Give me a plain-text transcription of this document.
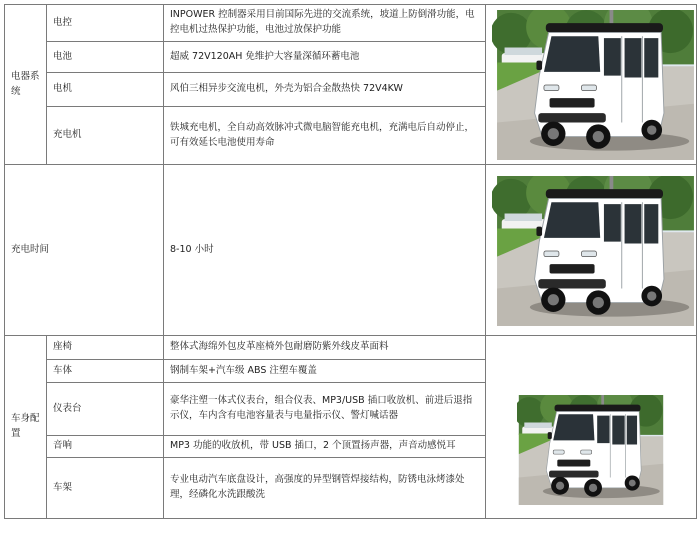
电器系统	电控	INPOWER 控制器采用目前国际先进的交流系统，坡道上防倒滑功能，电控电机过热保护功能，电池过放保护功能	

	电池	超威 72V120AH 免维护大容量深循环蓄电池	
	电机	风伯三相异步交流电机，外壳为铝合金散热快 72V4KW	
	充电机	铁城充电机，全自动高效脉冲式微电脑智能充电机，充满电后自动停止，可有效延长电池使用寿命	
充电时间		8-10 小时	

车身配置	座椅	整体式海绵外包皮革座椅外包耐磨防紫外线皮革面料	

	车体	钢制车架+汽车级 ABS 注塑车覆盖	
	仪表台	豪华注塑一体式仪表台，组合仪表、MP3/USB 插口收放机、前进后退指示仪，车内含有电池容量表与电量指示仪、警灯喊话器	
	音响	MP3 功能的收放机，带 USB 插口，2 个顶置扬声器，声音动感悦耳	
	车架	专业电动汽车底盘设计，高强度的异型钢管焊接结构，防锈电泳烤漆处理，经磷化水洗跟酸洗	
